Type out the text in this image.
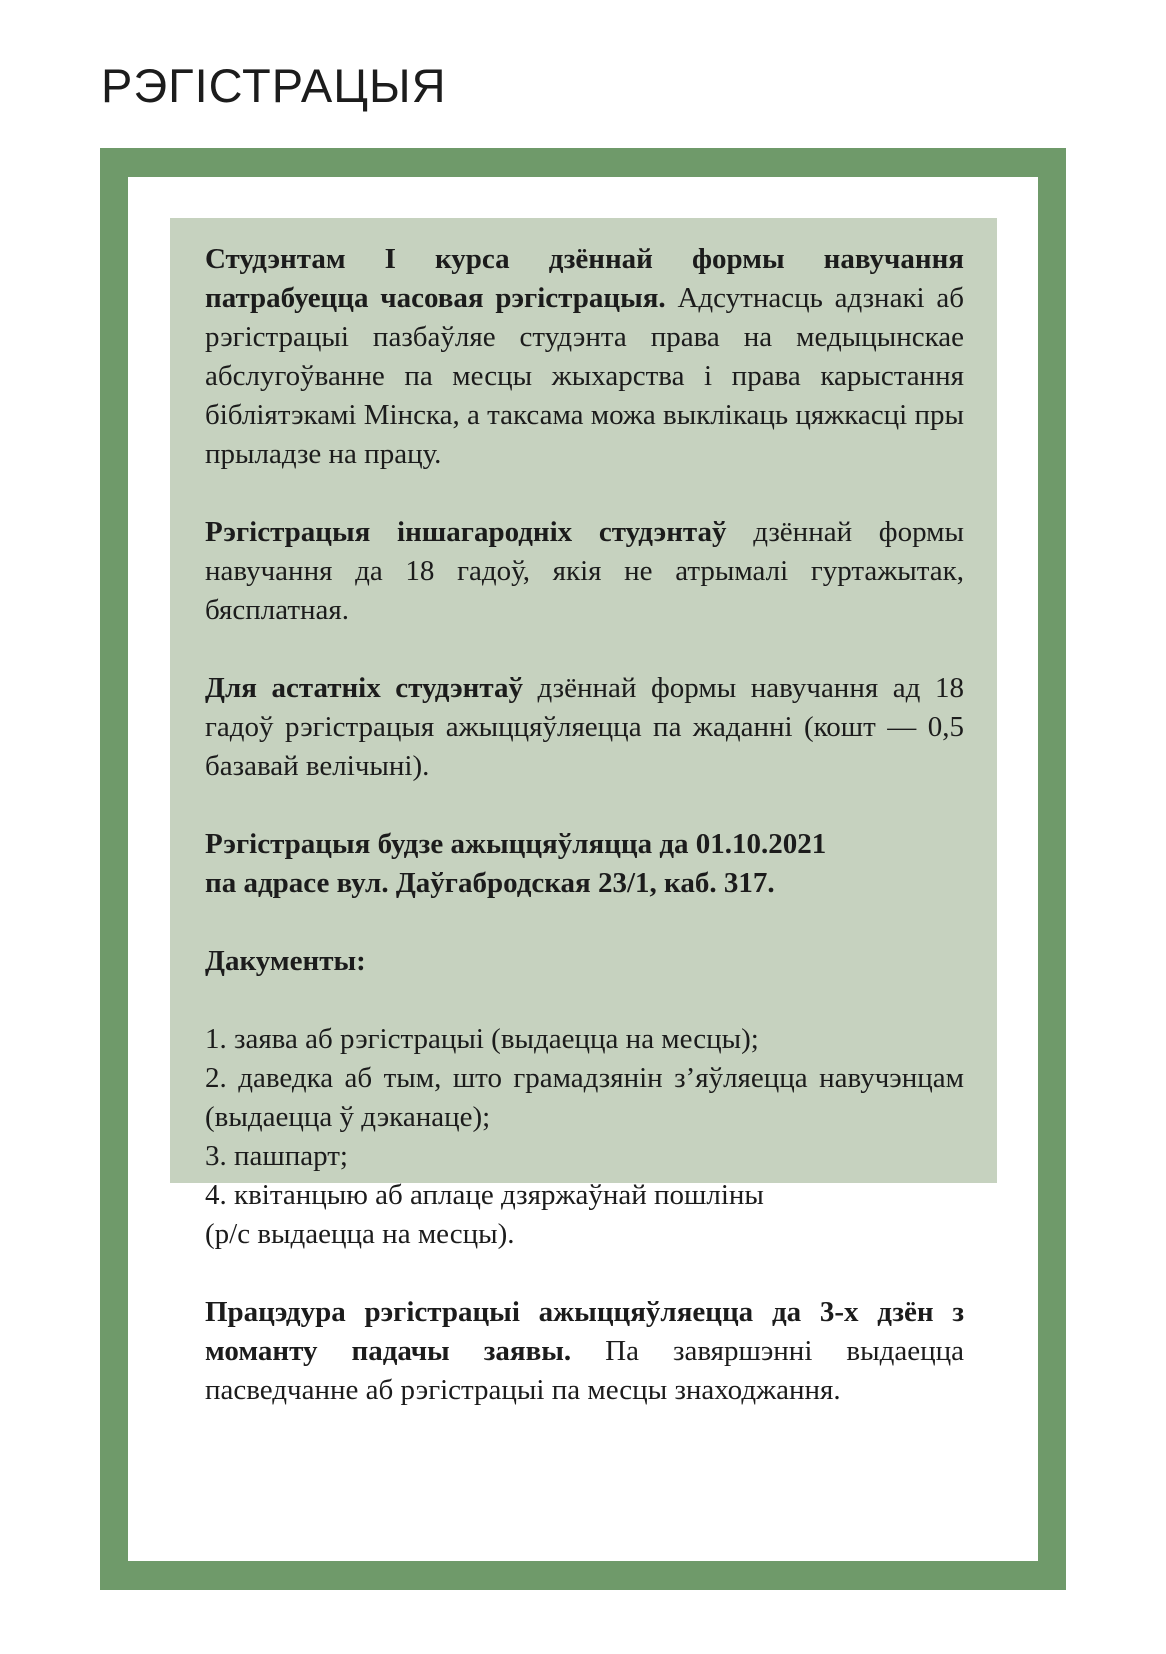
РЭГІСТРАЦЫЯ

Студэнтам I курса дзённай формы навучання патрабуецца часовая рэгістрацыя. Адсутнасць адзнакі аб рэгістрацыі пазбаўляе студэнта права на медыцынскае абслугоўванне па месцы жыхарства і права карыстання бібліятэкамі Мінска, а таксама можа выклікаць цяжкасці пры прыладзе на працу.

Рэгістрацыя іншагародніх студэнтаў дзённай формы навучання да 18 гадоў, якія не атрымалі гуртажытак, бясплатная.

Для астатніх студэнтаў дзённай формы навучання ад 18 гадоў рэгістрацыя ажыццяўляецца па жаданні (кошт — 0,5 базавай велічыні).

Рэгістрацыя будзе ажыццяўляцца да 01.10.2021
па адрасе вул. Даўгабродская 23/1, каб. 317.

Дакументы:

1. заява аб рэгістрацыі (выдаецца на месцы);
2. даведка аб тым, што грамадзянін з’яўляецца навучэнцам (выдаецца ў дэканаце);
3. пашпарт;
4. квітанцыю аб аплаце дзяржаўнай пошліны
(р/с выдаецца на месцы).

Працэдура рэгістрацыі ажыццяўляецца да 3-х дзён з моманту падачы заявы. Па завяршэнні выдаецца пасведчанне аб рэгістрацыі па месцы знаходжання.
